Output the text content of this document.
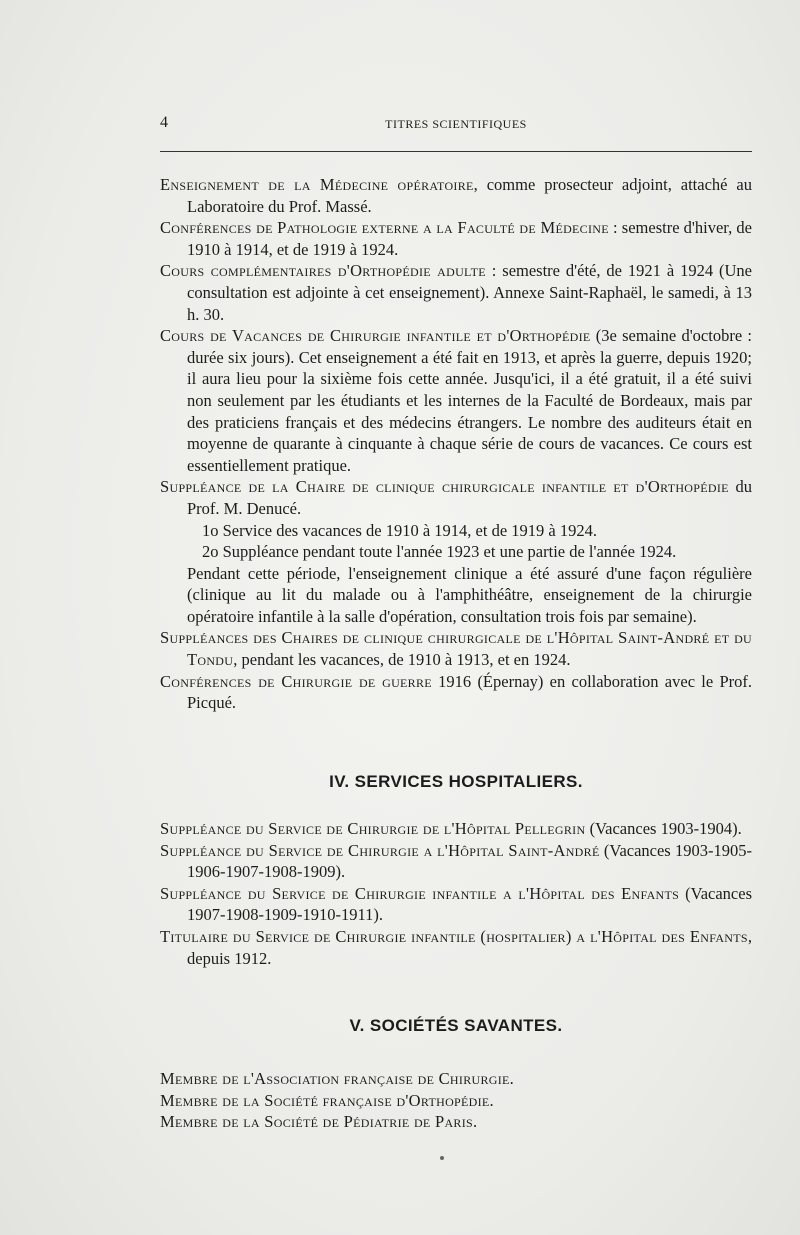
4	TITRES SCIENTIFIQUES

Enseignement de la Médecine opératoire, comme prosecteur adjoint, attaché au Laboratoire du Prof. Massé.

Conférences de Pathologie externe a la Faculté de Médecine : semestre d'hiver, de 1910 à 1914, et de 1919 à 1924.

Cours complémentaires d'Orthopédie adulte : semestre d'été, de 1921 à 1924 (Une consultation est adjointe à cet enseignement). Annexe Saint-Raphaël, le samedi, à 13 h. 30.

Cours de Vacances de Chirurgie infantile et d'Orthopédie (3e semaine d'octobre : durée six jours). Cet enseignement a été fait en 1913, et après la guerre, depuis 1920; il aura lieu pour la sixième fois cette année. Jusqu'ici, il a été gratuit, il a été suivi non seulement par les étudiants et les internes de la Faculté de Bordeaux, mais par des praticiens français et des médecins étrangers. Le nombre des auditeurs était en moyenne de quarante à cinquante à chaque série de cours de vacances. Ce cours est essentiellement pratique.

Suppléance de la Chaire de clinique chirurgicale infantile et d'Orthopédie du Prof. M. Denucé.

1o Service des vacances de 1910 à 1914, et de 1919 à 1924.

2o Suppléance pendant toute l'année 1923 et une partie de l'année 1924.

Pendant cette période, l'enseignement clinique a été assuré d'une façon régulière (clinique au lit du malade ou à l'amphithéâtre, enseignement de la chirurgie opératoire infantile à la salle d'opération, consultation trois fois par semaine).

Suppléances des Chaires de clinique chirurgicale de l'Hôpital Saint-André et du Tondu, pendant les vacances, de 1910 à 1913, et en 1924.

Conférences de Chirurgie de guerre 1916 (Épernay) en collaboration avec le Prof. Picqué.

IV. SERVICES HOSPITALIERS.

Suppléance du Service de Chirurgie de l'Hôpital Pellegrin (Vacances 1903-1904).

Suppléance du Service de Chirurgie a l'Hôpital Saint-André (Vacances 1903-1905-1906-1907-1908-1909).

Suppléance du Service de Chirurgie infantile a l'Hôpital des Enfants (Vacances 1907-1908-1909-1910-1911).

Titulaire du Service de Chirurgie infantile (hospitalier) a l'Hôpital des Enfants, depuis 1912.

V. SOCIÉTÉS SAVANTES.

Membre de l'Association française de Chirurgie.

Membre de la Société française d'Orthopédie.

Membre de la Société de Pédiatrie de Paris.
